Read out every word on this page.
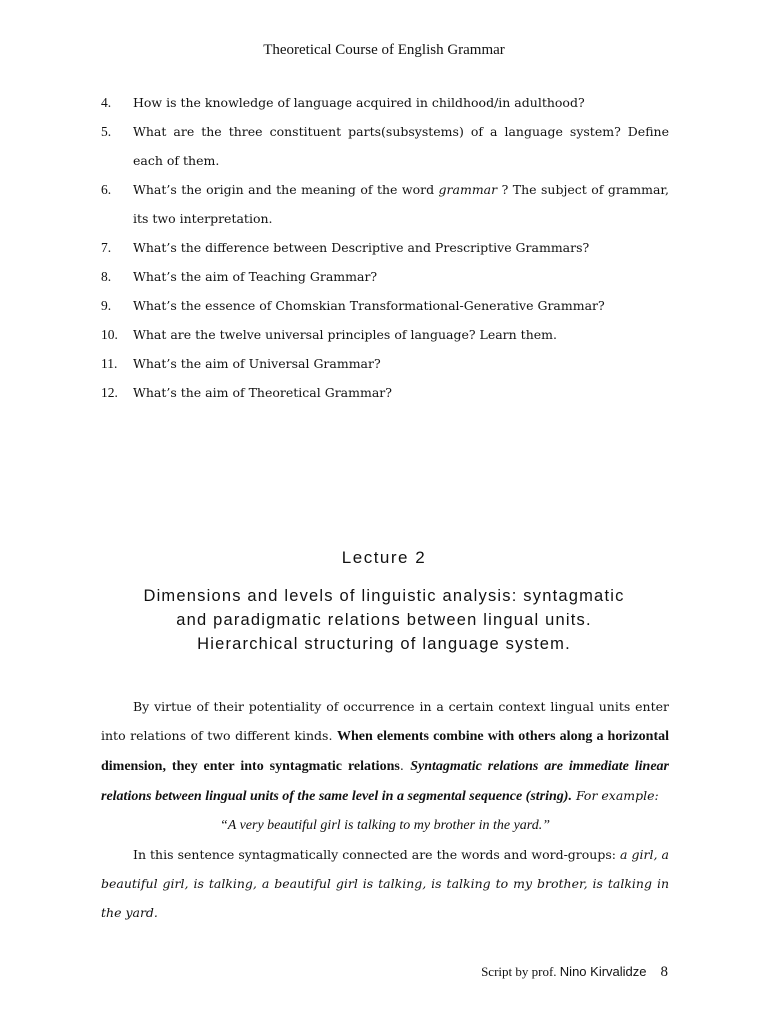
Theoretical Course of English Grammar
4.	How is the knowledge of language acquired in childhood/in adulthood?
5.	What are the three constituent parts(subsystems) of a language system? Define each of them.
6.	What’s the origin and the meaning of the word grammar ? The subject of grammar, its two interpretation.
7.	What’s the difference between Descriptive and Prescriptive Grammars?
8.	What’s the aim of Teaching Grammar?
9.	What’s the essence of Chomskian Transformational-Generative Grammar?
10.	What are the twelve universal principles of language? Learn them.
11.	What’s the aim of Universal Grammar?
12.	What’s the aim of Theoretical Grammar?
Lecture 2
Dimensions and levels of linguistic analysis: syntagmatic
and paradigmatic relations between lingual units.
Hierarchical structuring of language system.

By virtue of their potentiality of occurrence in a certain context lingual units enter into relations of two different kinds. When elements combine with others along a horizontal dimension, they enter into syntagmatic relations. Syntagmatic relations are immediate linear relations between lingual units of the same level in a segmental sequence (string). For example:

“A very beautiful girl is talking to my brother in the yard.”

In this sentence syntagmatically connected are the words and word-groups: a girl, a beautiful girl, is talking, a beautiful girl is talking, is talking to my brother, is talking in the yard.

Script by prof. Nino Kirvalidze 8
